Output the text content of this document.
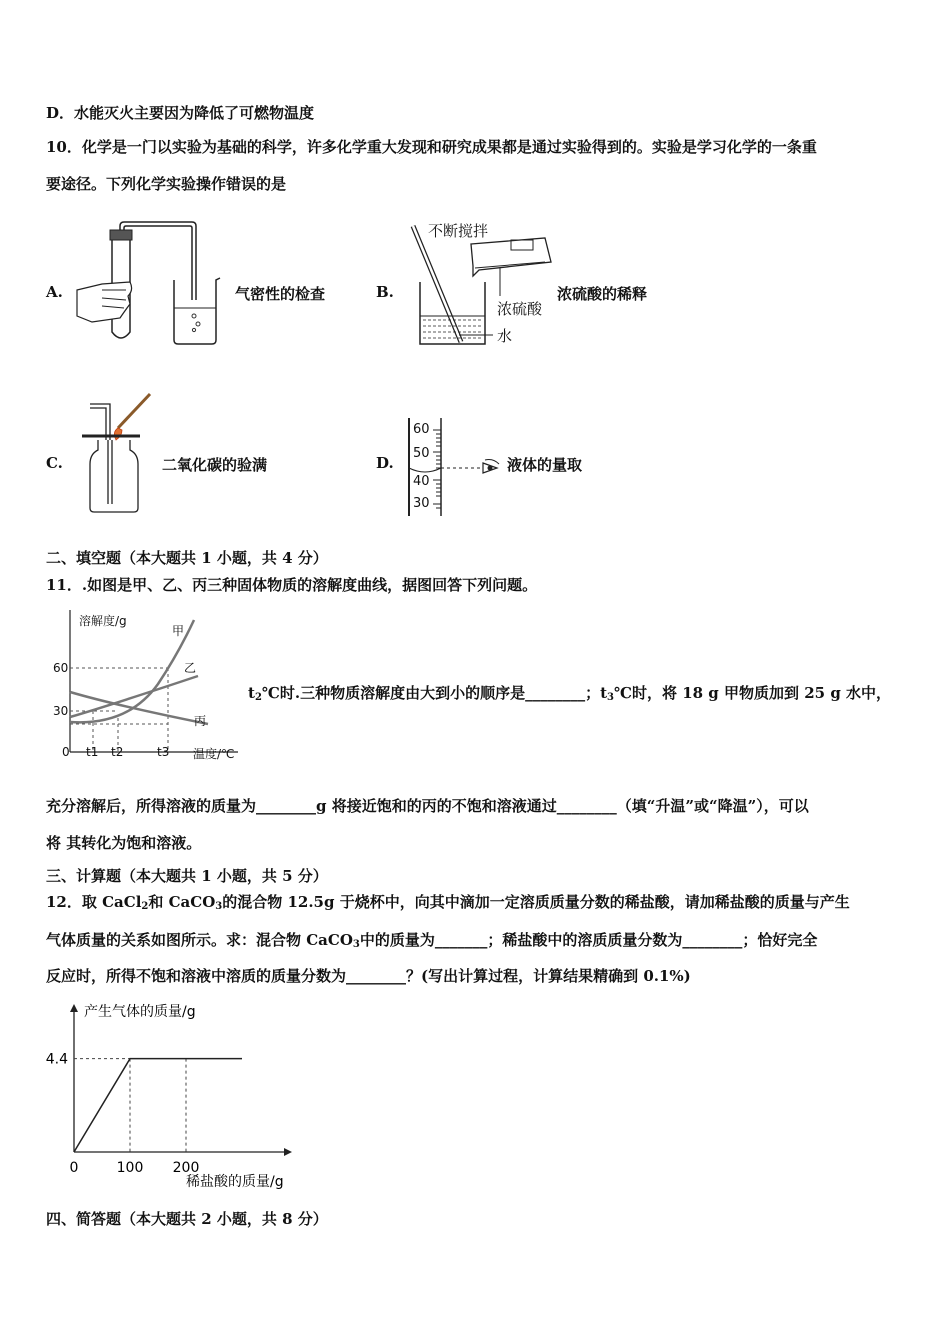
D．水能灭火主要因为降低了可燃物温度
10．化学是一门以实验为基础的科学，许多化学重大发现和研究成果都是通过实验得到的。实验是学习化学的一条重
要途径。下列化学实验操作错误的是
A.	气密性的检查	B.
不断搅拌
浓硫酸
水
浓硫酸的稀释
C.	二氧化碳的验满	D.
60
50
40
30
液体的量取
二、填空题（本大题共 1 小题，共 4 分）
11．.如图是甲、乙、丙三种固体物质的溶解度曲线，据图回答下列问题。
溶解度/g
60
30
0 t1 t2	t3 温度/℃
甲
乙
丙
$t_2℃$时.三种物质溶解度由大到小的顺序是________；$t_3℃$时，将 18 g 甲物质加到 25 g 水中，
充分溶解后，所得溶液的质量为________g 将接近饱和的丙的不饱和溶液通过________（填“升温”或“降温”），可以
将 其转化为饱和溶液。
三、计算题（本大题共 1 小题，共 5 分）
12．取 CaCl$_2$和 CaCO$_3$的混合物 12.5g 于烧杯中，向其中滴加一定溶质质量分数的稀盐酸，请加稀盐酸的质量与产生
气体质量的关系如图所示。求：混合物 CaCO$_3$中的质量为_______；稀盐酸中的溶质质量分数为________；恰好完全
反应时，所得不饱和溶液中溶质的质量分数为________？(写出计算过程，计算结果精确到 0.1%)
产生气体的质量/g
稀盐酸的质量/g
0	100 200
4.4
四、简答题（本大题共 2 小题，共 8 分）
